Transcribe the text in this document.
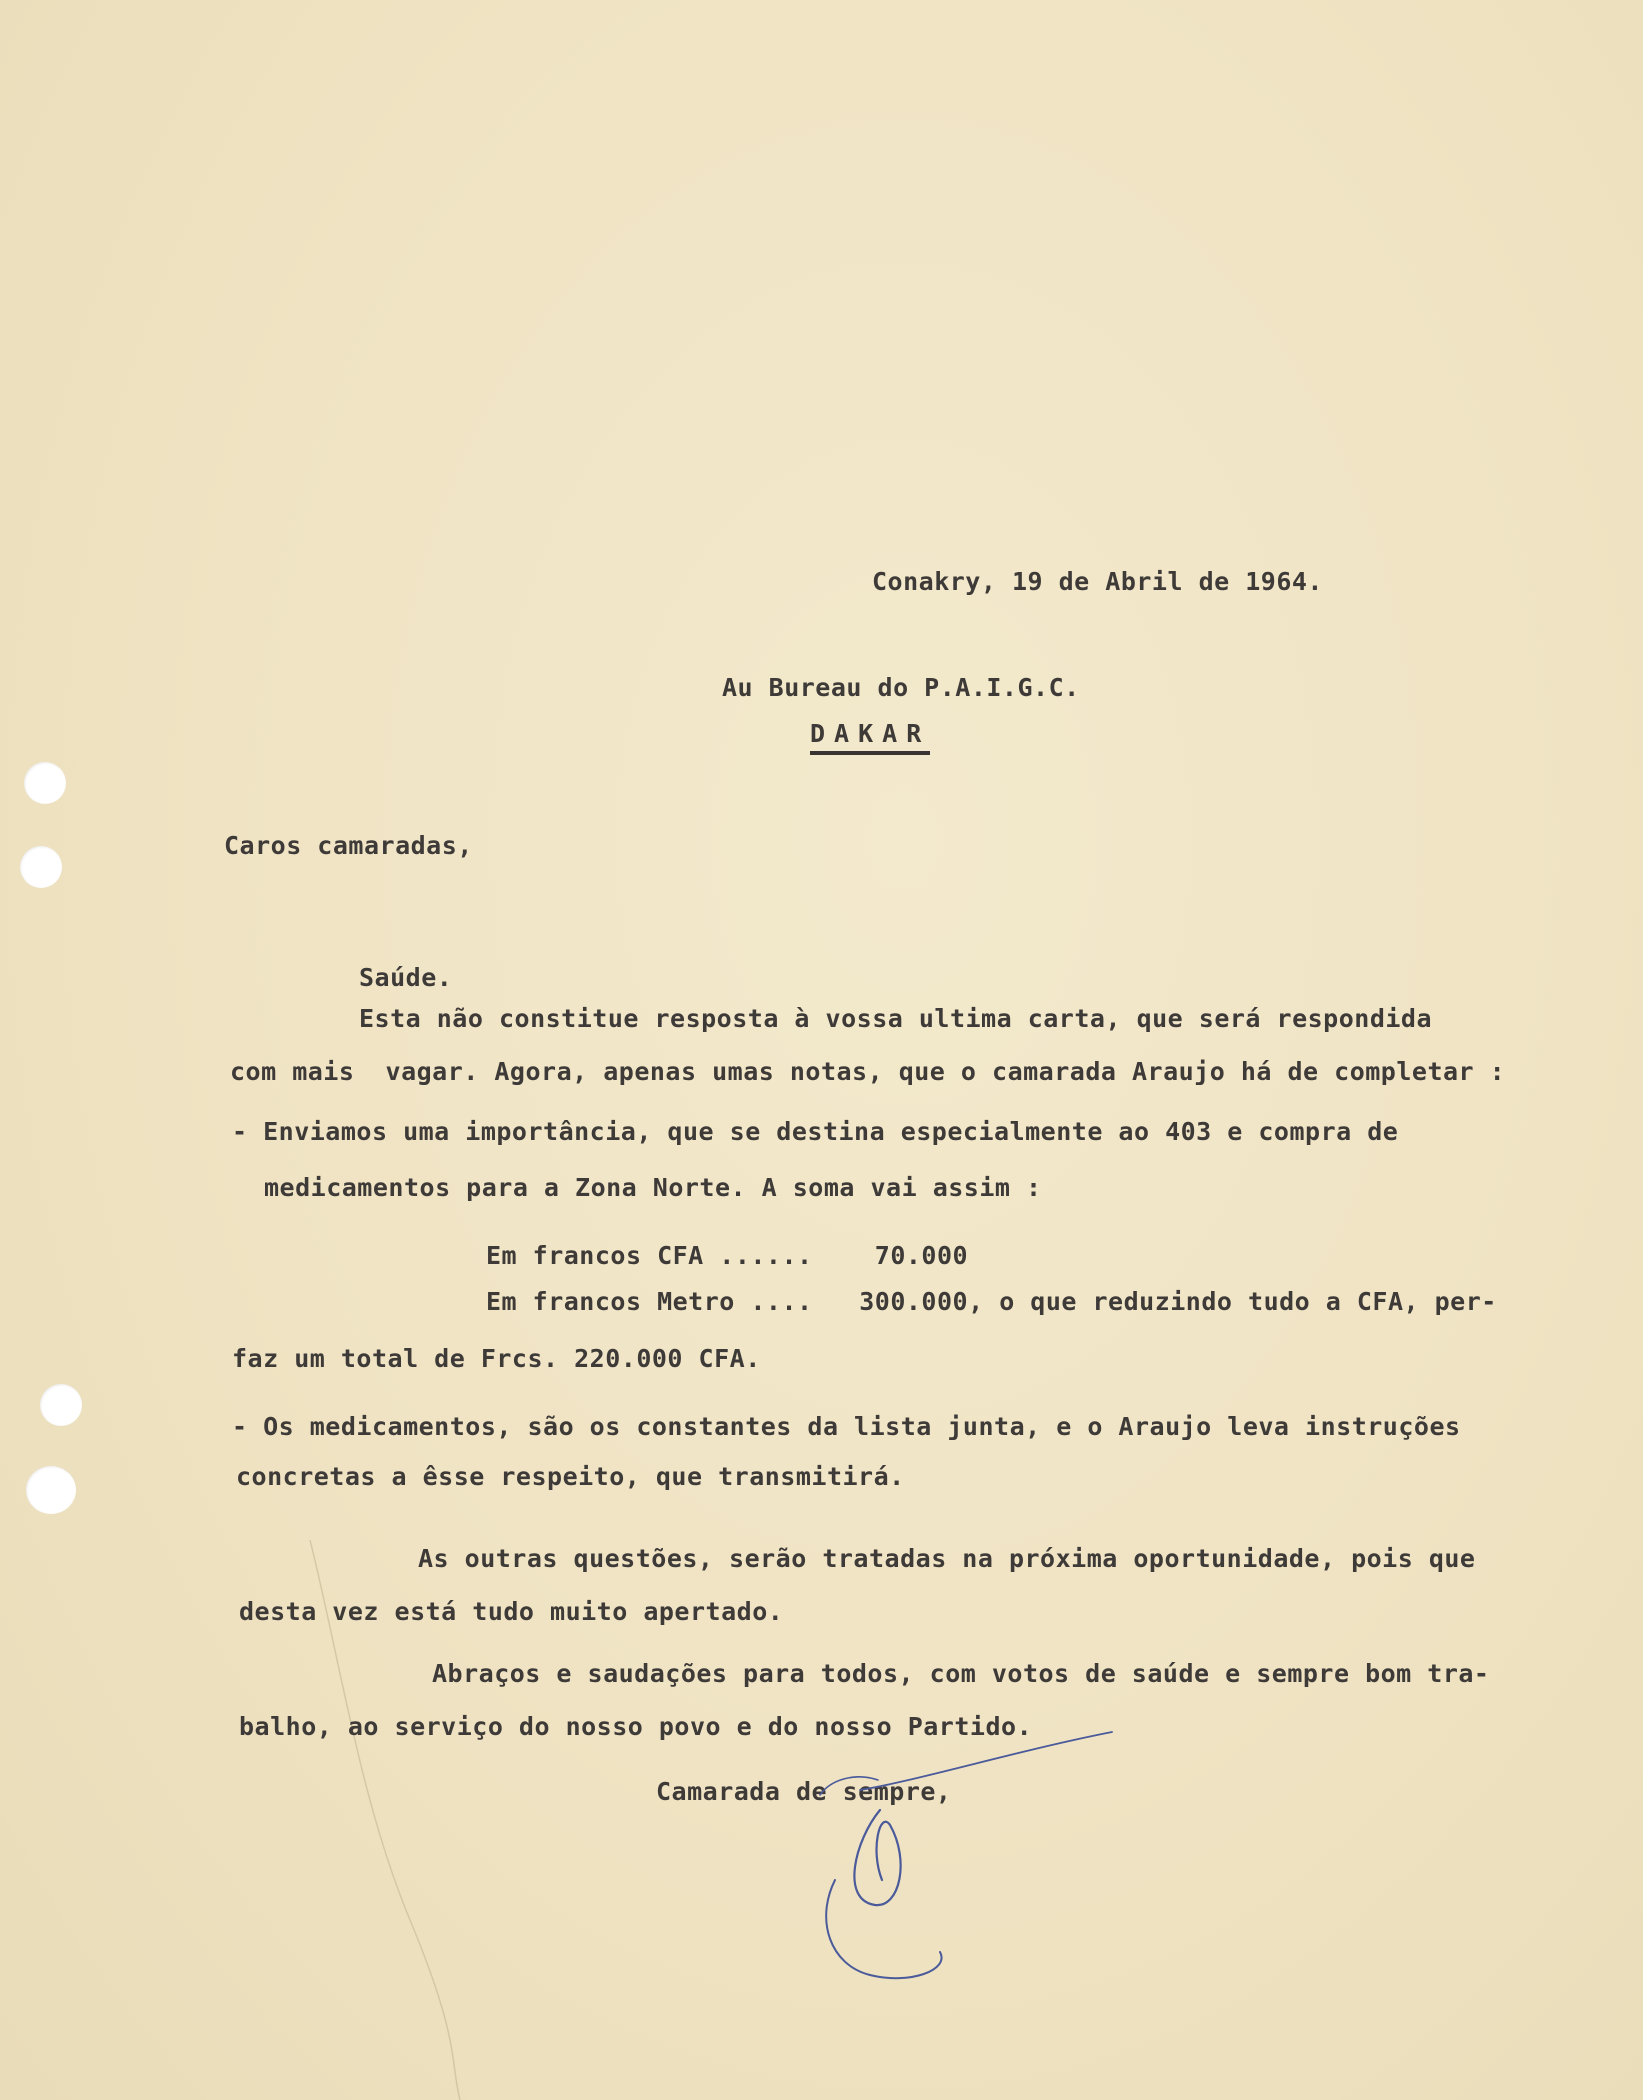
Conakry, 19 de Abril de 1964.

Au Bureau do P.A.I.G.C.

DAKAR

Caros camaradas,

Saúde.

Esta não constitue resposta à vossa ultima carta, que será respondida

com mais  vagar. Agora, apenas umas notas, que o camarada Araujo há de completar :

- Enviamos uma importância, que se destina especialmente ao 403 e compra de

medicamentos para a Zona Norte. A soma vai assim :

Em francos CFA ......    70.000

Em francos Metro ....   300.000, o que reduzindo tudo a CFA, per-

faz um total de Frcs. 220.000 CFA.

- Os medicamentos, são os constantes da lista junta, e o Araujo leva instruções

concretas a êsse respeito, que transmitirá.

As outras questões, serão tratadas na próxima oportunidade, pois que

desta vez está tudo muito apertado.

Abraços e saudações para todos, com votos de saúde e sempre bom tra-

balho, ao serviço do nosso povo e do nosso Partido.

Camarada de sempre,
